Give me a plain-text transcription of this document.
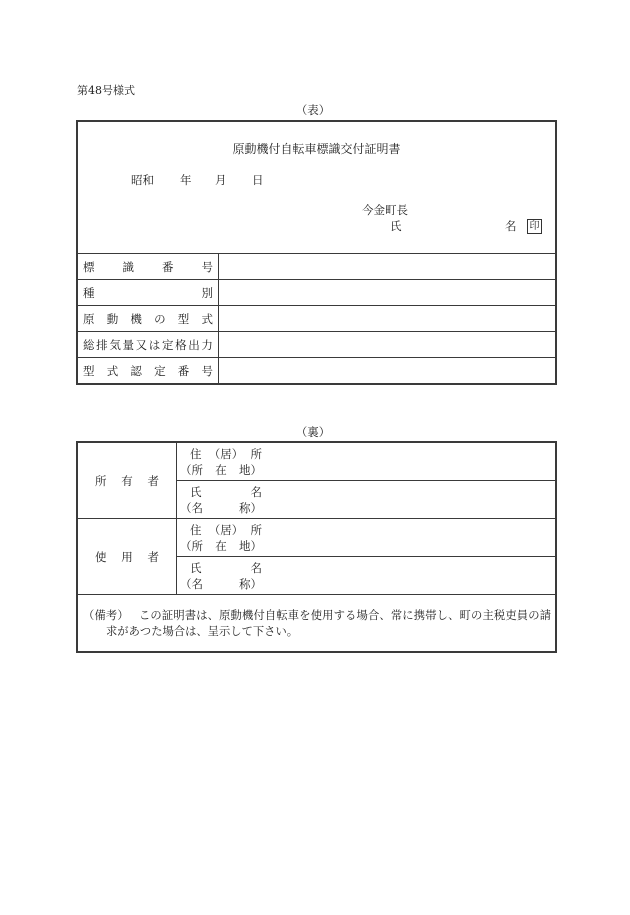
第48号様式
（表）
原動機付自転車標識交付証明書
昭和 年 月 日
今金町長
氏	名 印
標 識 番 号
種	別
原 動 機 の 型 式
総 排 気 量 又 は 定 格 出 力
型 式 認 定 番 号
（裏）
所 有 者
住 （居） 所
（所 在 地）
氏	名
（名	称）
使 用 者
住 （居） 所
（所 在 地）
氏	名
（名	称）
（備考） この証明書は、原動機付自転車を使用する場合、常に携帯し、町の主税吏員の請求があつた場合は、呈示して下さい。
